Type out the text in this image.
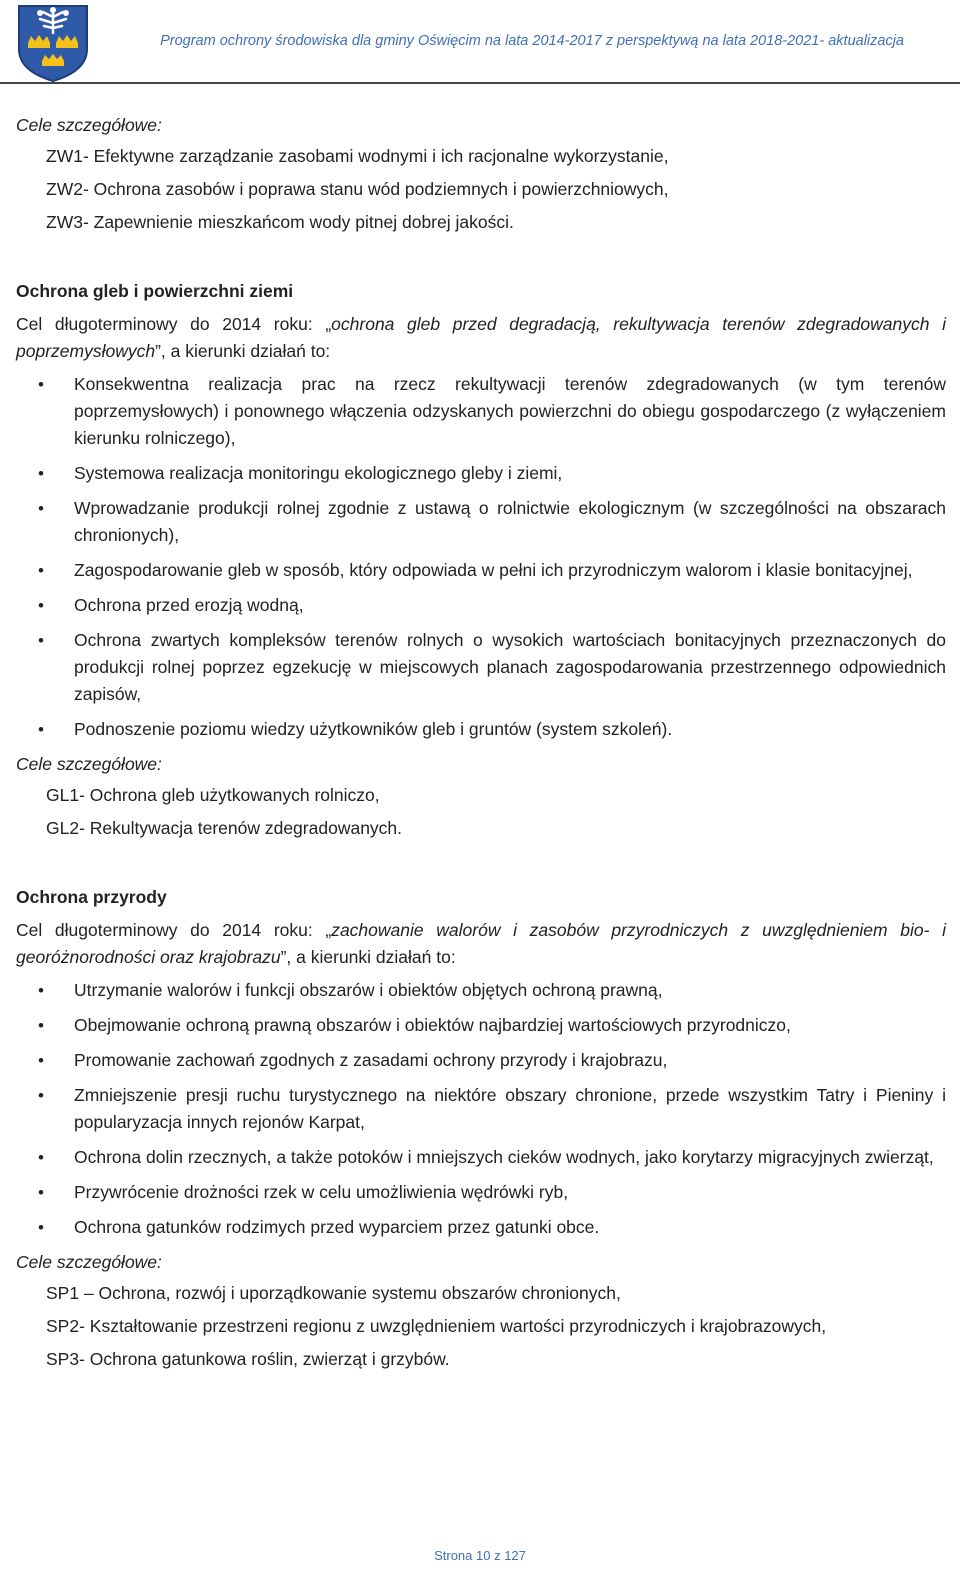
Program ochrony środowiska dla gminy Oświęcim na lata 2014-2017 z perspektywą na lata 2018-2021- aktualizacja

Cele szczegółowe:

ZW1- Efektywne zarządzanie zasobami wodnymi i ich racjonalne wykorzystanie,
ZW2- Ochrona zasobów i poprawa stanu wód podziemnych i powierzchniowych,
ZW3- Zapewnienie mieszkańcom wody pitnej dobrej jakości.

Ochrona gleb i powierzchni ziemi

Cel długoterminowy do 2014 roku: „ochrona gleb przed degradacją, rekultywacja terenów zdegradowanych i poprzemysłowych”, a kierunki działań to:

• Konsekwentna realizacja prac na rzecz rekultywacji terenów zdegradowanych (w tym terenów poprzemysłowych) i ponownego włączenia odzyskanych powierzchni do obiegu gospodarczego (z wyłączeniem kierunku rolniczego),
• Systemowa realizacja monitoringu ekologicznego gleby i ziemi,
• Wprowadzanie produkcji rolnej zgodnie z ustawą o rolnictwie ekologicznym (w szczególności na obszarach chronionych),
• Zagospodarowanie gleb w sposób, który odpowiada w pełni ich przyrodniczym walorom i klasie bonitacyjnej,
• Ochrona przed erozją wodną,
• Ochrona zwartych kompleksów terenów rolnych o wysokich wartościach bonitacyjnych przeznaczonych do produkcji rolnej poprzez egzekucję w miejscowych planach zagospodarowania przestrzennego odpowiednich zapisów,
• Podnoszenie poziomu wiedzy użytkowników gleb i gruntów (system szkoleń).

Cele szczegółowe:

GL1- Ochrona gleb użytkowanych rolniczo,
GL2- Rekultywacja terenów zdegradowanych.

Ochrona przyrody

Cel długoterminowy do 2014 roku: „zachowanie walorów i zasobów przyrodniczych z uwzględnieniem bio- i georóżnorodności oraz krajobrazu”, a kierunki działań to:

• Utrzymanie walorów i funkcji obszarów i obiektów objętych ochroną prawną,
• Obejmowanie ochroną prawną obszarów i obiektów najbardziej wartościowych przyrodniczo,
• Promowanie zachowań zgodnych z zasadami ochrony przyrody i krajobrazu,
• Zmniejszenie presji ruchu turystycznego na niektóre obszary chronione, przede wszystkim Tatry i Pieniny i popularyzacja innych rejonów Karpat,
• Ochrona dolin rzecznych, a także potoków i mniejszych cieków wodnych, jako korytarzy migracyjnych zwierząt,
• Przywrócenie drożności rzek w celu umożliwienia wędrówki ryb,
• Ochrona gatunków rodzimych przed wyparciem przez gatunki obce.

Cele szczegółowe:

SP1 – Ochrona, rozwój i uporządkowanie systemu obszarów chronionych,
SP2- Kształtowanie przestrzeni regionu z uwzględnieniem wartości przyrodniczych i krajobrazowych,
SP3- Ochrona gatunkowa roślin, zwierząt i grzybów.
Strona 10 z 127
